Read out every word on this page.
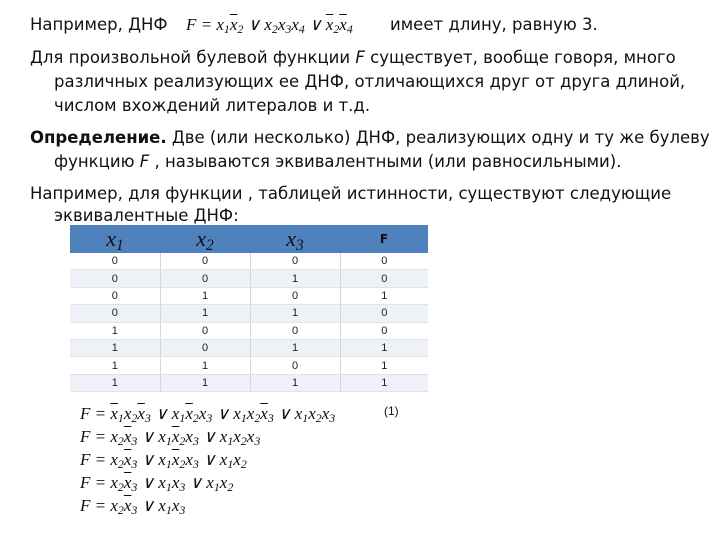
Например, ДНФ $F = x_1\overline{x}_2$ ∨ $x_2x_3x_4$ ∨ $\overline{x}_2\overline{x}_4$ имеет длину, равную 3.
Для произвольной булевой функции F существует, вообще говоря, много
различных реализующих ее ДНФ, отличающихся друг от друга длиной,
числом вхождений литералов и т.д.
Определение. Две (или несколько) ДНФ, реализующих одну и ту же булеву
функцию F , называются эквивалентными (или равносильными).
Например, для функции , таблицей истинности, существуют следующие
эквивалентные ДНФ:
$x_1$	$x_2$	$x_3$	F
0	0	0	0
0	0	1	0
0	1	0	1
0	1	1	0
1	0	0	0
1	0	1	1
1	1	0	1
1	1	1	1
$F = \overline{x}_1x_2\overline{x}_3$ ∨ $x_1\overline{x}_2x_3$ ∨ $x_1x_2\overline{x}_3$ ∨ $x_1x_2x_3$
$F = x_2\overline{x}_3$ ∨ $x_1\overline{x}_2x_3$ ∨ $x_1x_2x_3$
$F = x_2\overline{x}_3$ ∨ $x_1\overline{x}_2x_3$ ∨ $x_1x_2$
$F = x_2\overline{x}_3$ ∨ $x_1x_3$ ∨ $x_1x_2$
$F = x_2\overline{x}_3$ ∨ $x_1x_3$
(1)
